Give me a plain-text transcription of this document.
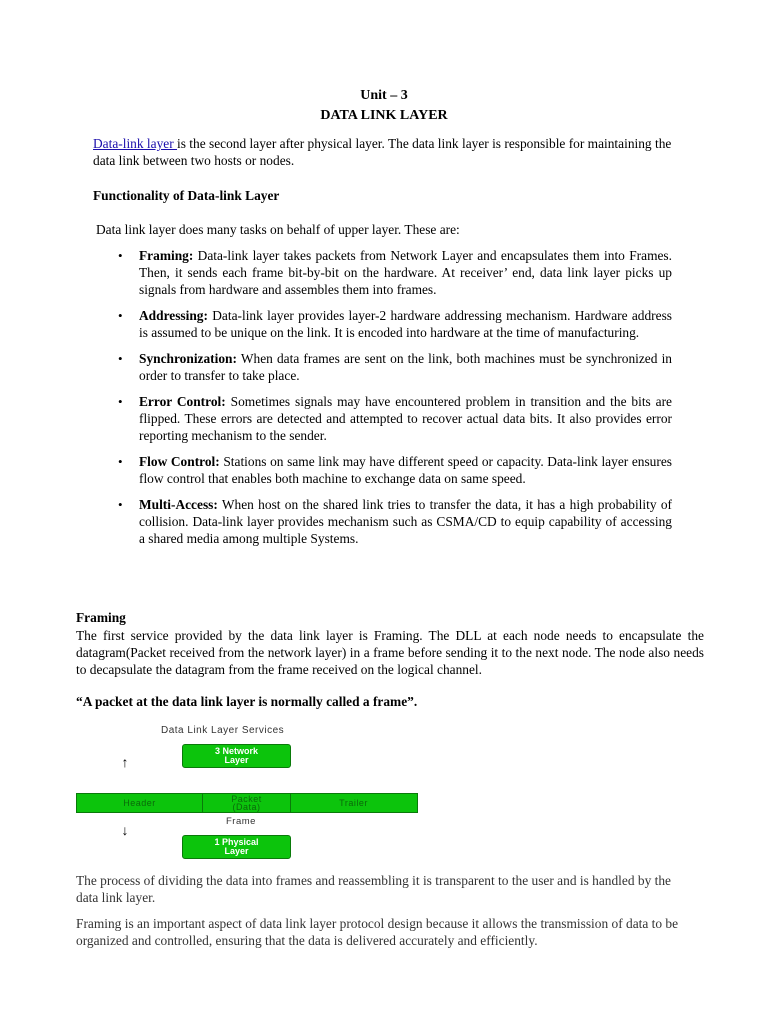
Unit – 3
DATA LINK LAYER
Data-link layer is the second layer after physical layer. The data link layer is responsible for maintaining the data link between two hosts or nodes.
Functionality of Data-link Layer
Data link layer does many tasks on behalf of upper layer. These are:
• Framing: Data-link layer takes packets from Network Layer and encapsulates them into Frames. Then, it sends each frame bit-by-bit on the hardware. At receiver’ end, data link layer picks up signals from hardware and assembles them into frames.
• Addressing: Data-link layer provides layer-2 hardware addressing mechanism. Hardware address is assumed to be unique on the link. It is encoded into hardware at the time of manufacturing.
• Synchronization: When data frames are sent on the link, both machines must be synchronized in order to transfer to take place.
• Error Control: Sometimes signals may have encountered problem in transition and the bits are flipped. These errors are detected and attempted to recover actual data bits. It also provides error reporting mechanism to the sender.
• Flow Control: Stations on same link may have different speed or capacity. Data-link layer ensures flow control that enables both machine to exchange data on same speed.
• Multi-Access: When host on the shared link tries to transfer the data, it has a high probability of collision. Data-link layer provides mechanism such as CSMA/CD to equip capability of accessing a shared media among multiple Systems.
Framing
The first service provided by the data link layer is Framing. The DLL at each node needs to encapsulate the datagram(Packet received from the network layer) in a frame before sending it to the next node. The node also needs to decapsulate the datagram from the frame received on the logical channel.
“A packet at the data link layer is normally called a frame”.
Data Link Layer Services
3 Network
Layer
↑
Header	Packet
(Data)	Trailer
Frame
↓
1 Physical
Layer
The process of dividing the data into frames and reassembling it is transparent to the user and is handled by the data link layer.
Framing is an important aspect of data link layer protocol design because it allows the transmission of data to be organized and controlled, ensuring that the data is delivered accurately and efficiently.
